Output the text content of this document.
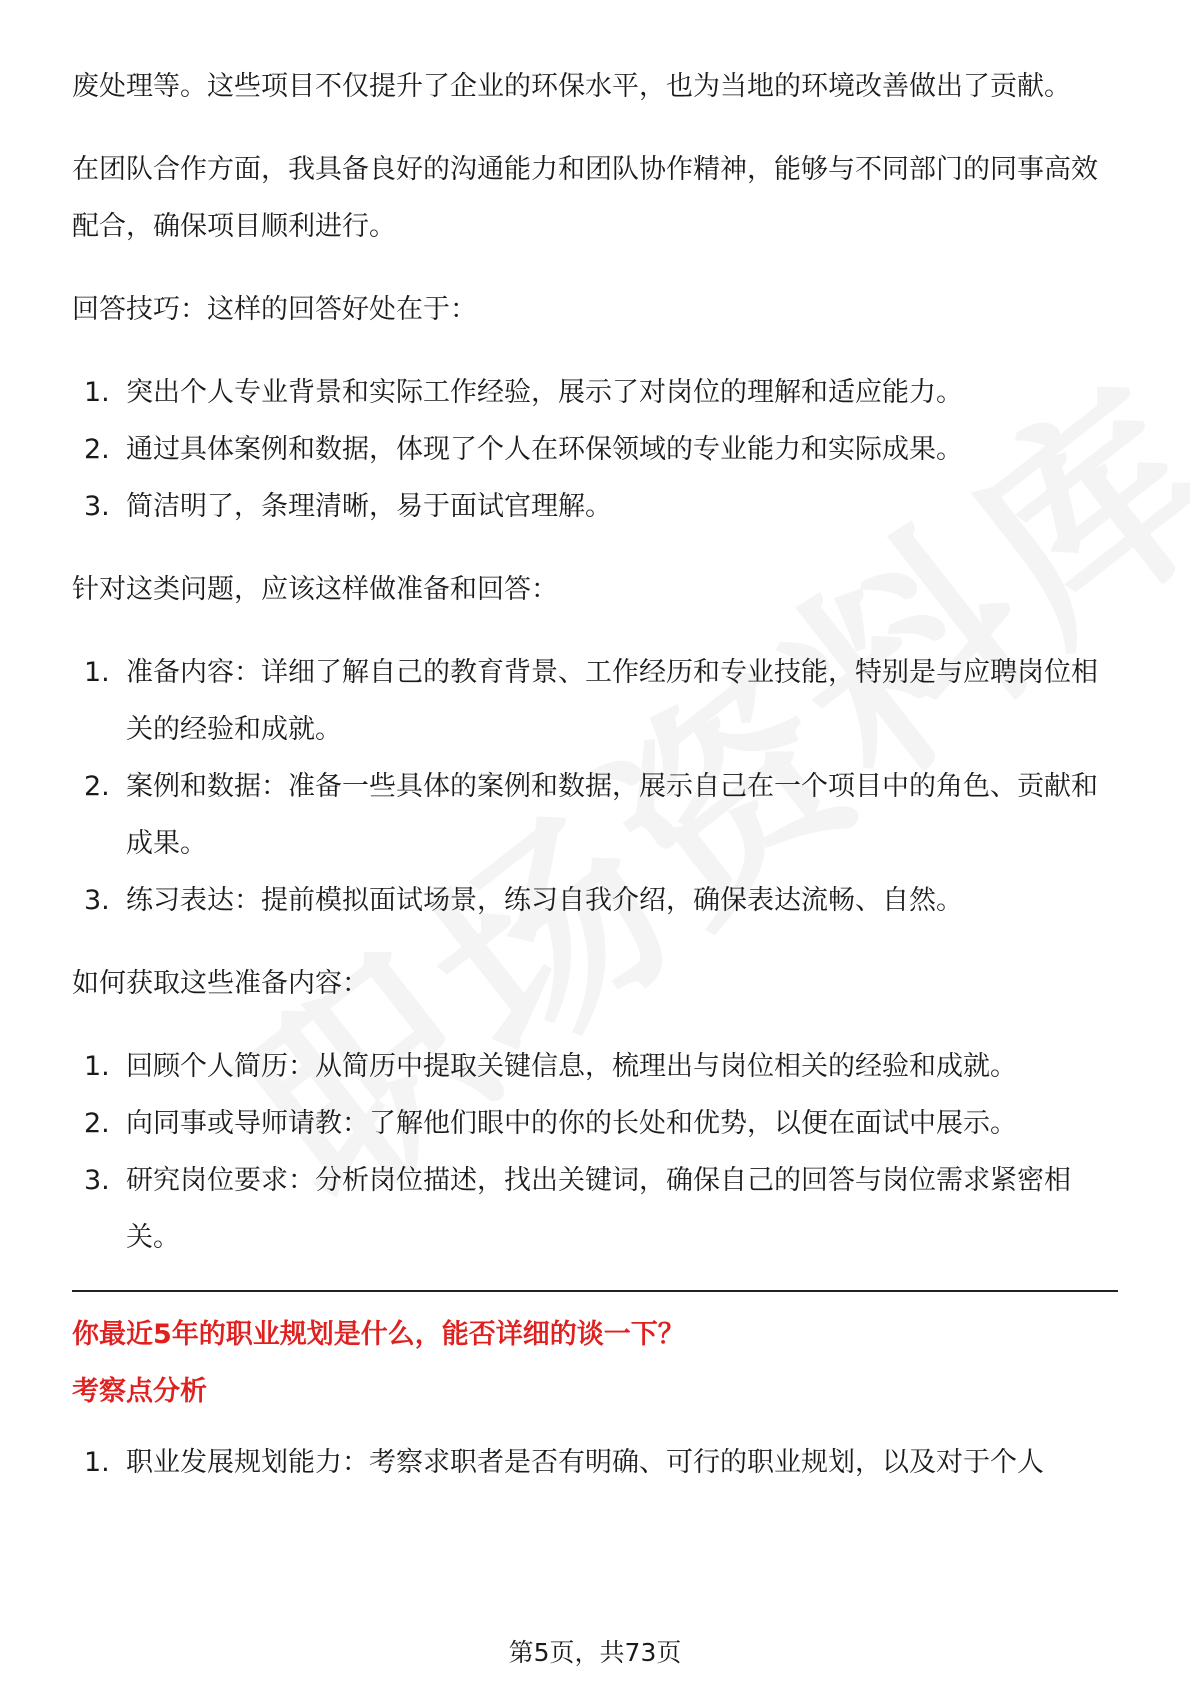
废处理等。这些项目不仅提升了企业的环保水平，也为当地的环境改善做出了贡献。

在团队合作方面，我具备良好的沟通能力和团队协作精神，能够与不同部门的同事高效配合，确保项目顺利进行。

回答技巧：这样的回答好处在于：

1. 突出个人专业背景和实际工作经验，展示了对岗位的理解和适应能力。
2. 通过具体案例和数据，体现了个人在环保领域的专业能力和实际成果。
3. 简洁明了，条理清晰，易于面试官理解。

针对这类问题，应该这样做准备和回答：

1. 准备内容：详细了解自己的教育背景、工作经历和专业技能，特别是与应聘岗位相关的经验和成就。
2. 案例和数据：准备一些具体的案例和数据，展示自己在一个项目中的角色、贡献和成果。
3. 练习表达：提前模拟面试场景，练习自我介绍，确保表达流畅、自然。

如何获取这些准备内容：

1. 回顾个人简历：从简历中提取关键信息，梳理出与岗位相关的经验和成就。
2. 向同事或导师请教：了解他们眼中的你的长处和优势，以便在面试中展示。
3. 研究岗位要求：分析岗位描述，找出关键词，确保自己的回答与岗位需求紧密相关。

你最近5年的职业规划是什么，能否详细的谈一下？

考察点分析

1. 职业发展规划能力：考察求职者是否有明确、可行的职业规划，以及对于个人
第5页，共73页
